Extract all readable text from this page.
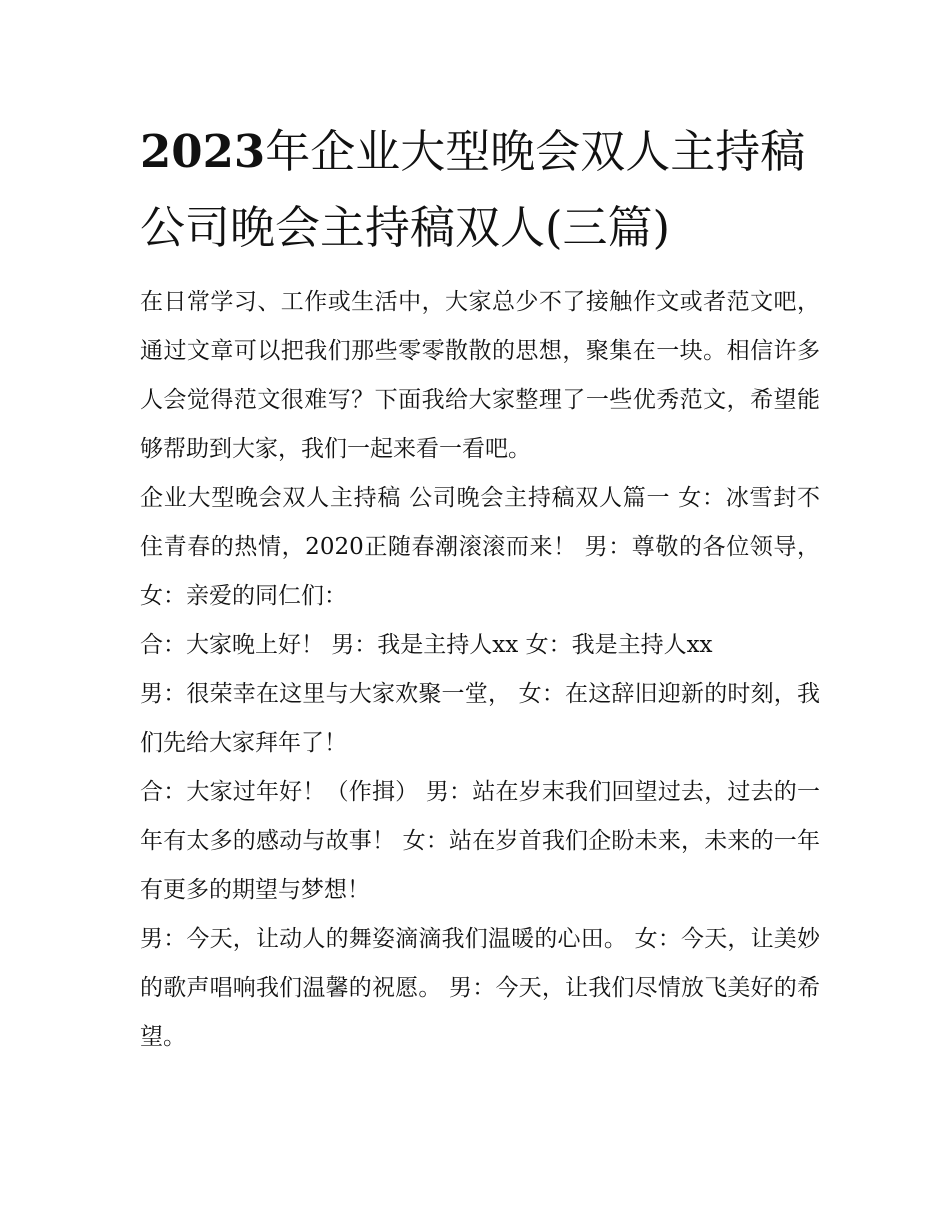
2023年企业大型晚会双人主持稿 公司晚会主持稿双人(三篇)

在日常学习、工作或生活中，大家总少不了接触作文或者范文吧，通过文章可以把我们那些零零散散的思想，聚集在一块。相信许多人会觉得范文很难写？下面我给大家整理了一些优秀范文，希望能够帮助到大家，我们一起来看一看吧。

企业大型晚会双人主持稿 公司晚会主持稿双人篇一 女：冰雪封不住青春的热情，2020正随春潮滚滚而来！ 男：尊敬的各位领导， 女：亲爱的同仁们：

合：大家晚上好！ 男：我是主持人xx 女：我是主持人xx

男：很荣幸在这里与大家欢聚一堂， 女：在这辞旧迎新的时刻，我们先给大家拜年了！

合：大家过年好！（作揖） 男：站在岁末我们回望过去，过去的一年有太多的感动与故事！ 女：站在岁首我们企盼未来，未来的一年有更多的期望与梦想！

男：今天，让动人的舞姿滴滴我们温暖的心田。 女：今天，让美妙的歌声唱响我们温馨的祝愿。 男：今天，让我们尽情放飞美好的希望。
